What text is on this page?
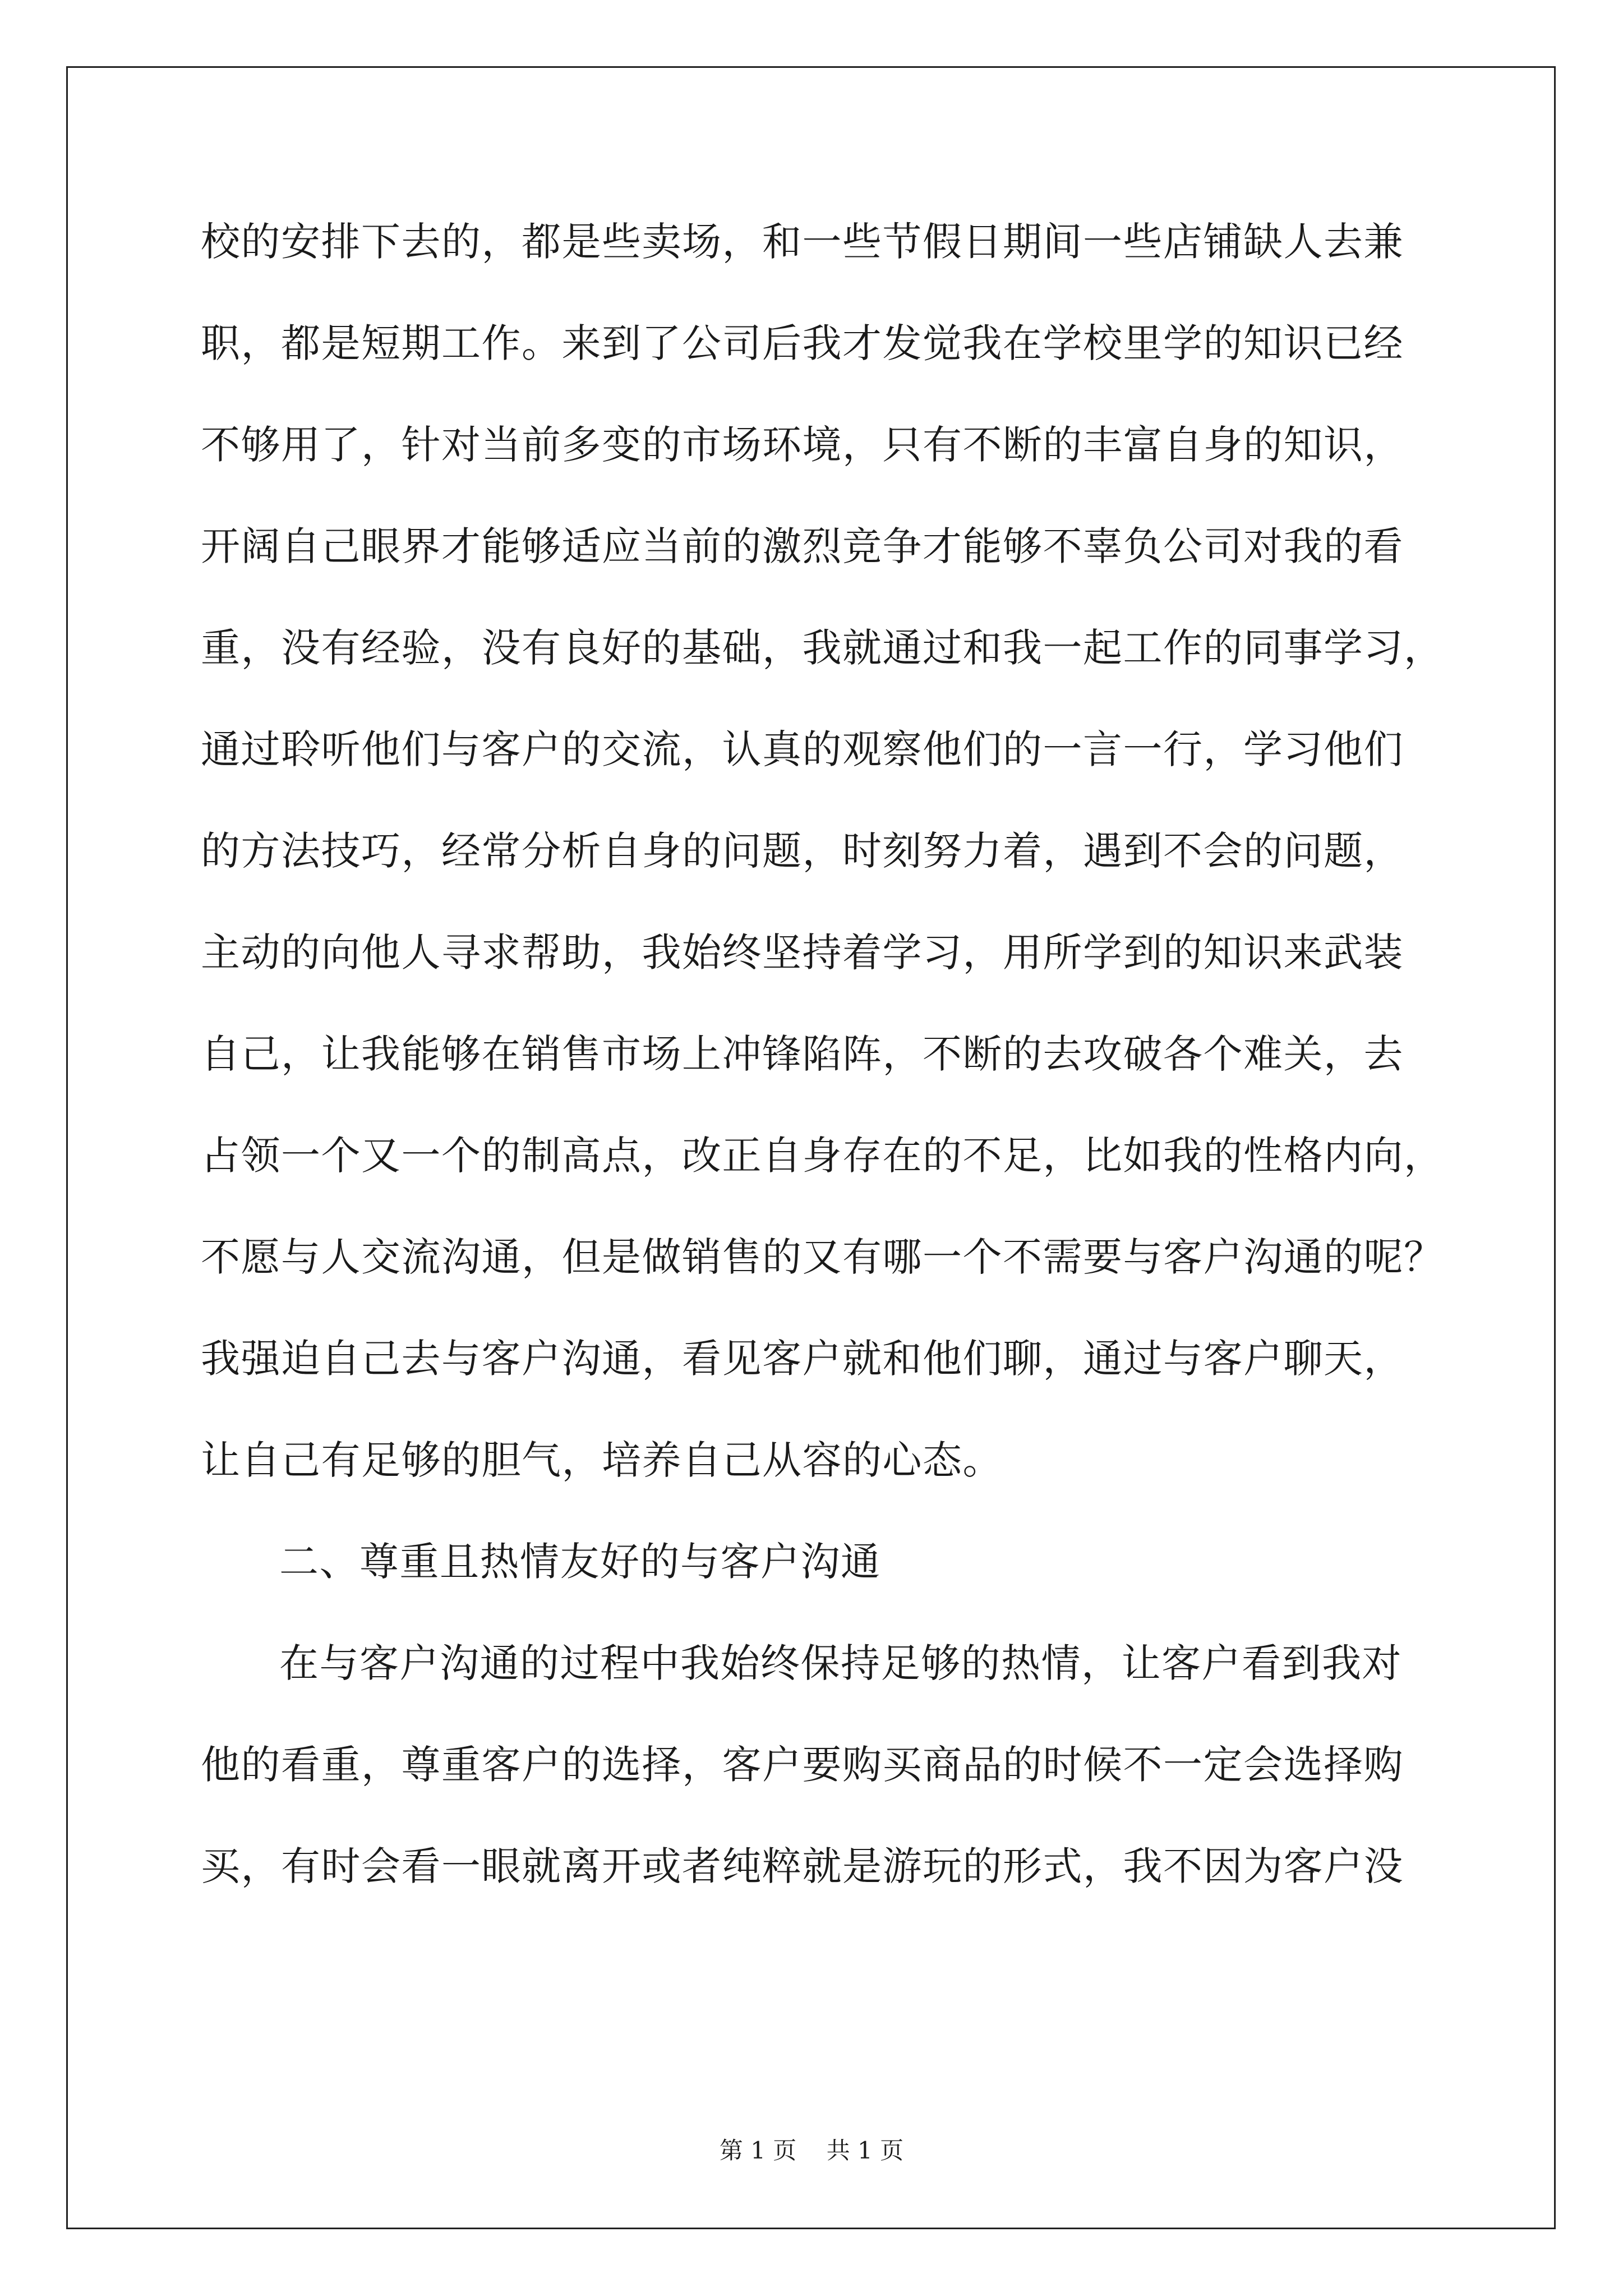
校的安排下去的，都是些卖场，和一些节假日期间一些店铺缺人去兼
职，都是短期工作。来到了公司后我才发觉我在学校里学的知识已经
不够用了，针对当前多变的市场环境，只有不断的丰富自身的知识，
开阔自己眼界才能够适应当前的激烈竞争才能够不辜负公司对我的看
重，没有经验，没有良好的基础，我就通过和我一起工作的同事学习，
通过聆听他们与客户的交流，认真的观察他们的一言一行，学习他们
的方法技巧，经常分析自身的问题，时刻努力着，遇到不会的问题，
主动的向他人寻求帮助，我始终坚持着学习，用所学到的知识来武装
自己，让我能够在销售市场上冲锋陷阵，不断的去攻破各个难关，去
占领一个又一个的制高点，改正自身存在的不足，比如我的性格内向，
不愿与人交流沟通，但是做销售的又有哪一个不需要与客户沟通的呢？
我强迫自己去与客户沟通，看见客户就和他们聊，通过与客户聊天，
让自己有足够的胆气，培养自己从容的心态。
二、尊重且热情友好的与客户沟通
在与客户沟通的过程中我始终保持足够的热情，让客户看到我对
他的看重，尊重客户的选择，客户要购买商品的时候不一定会选择购
买，有时会看一眼就离开或者纯粹就是游玩的形式，我不因为客户没
第 1 页    共 1 页
